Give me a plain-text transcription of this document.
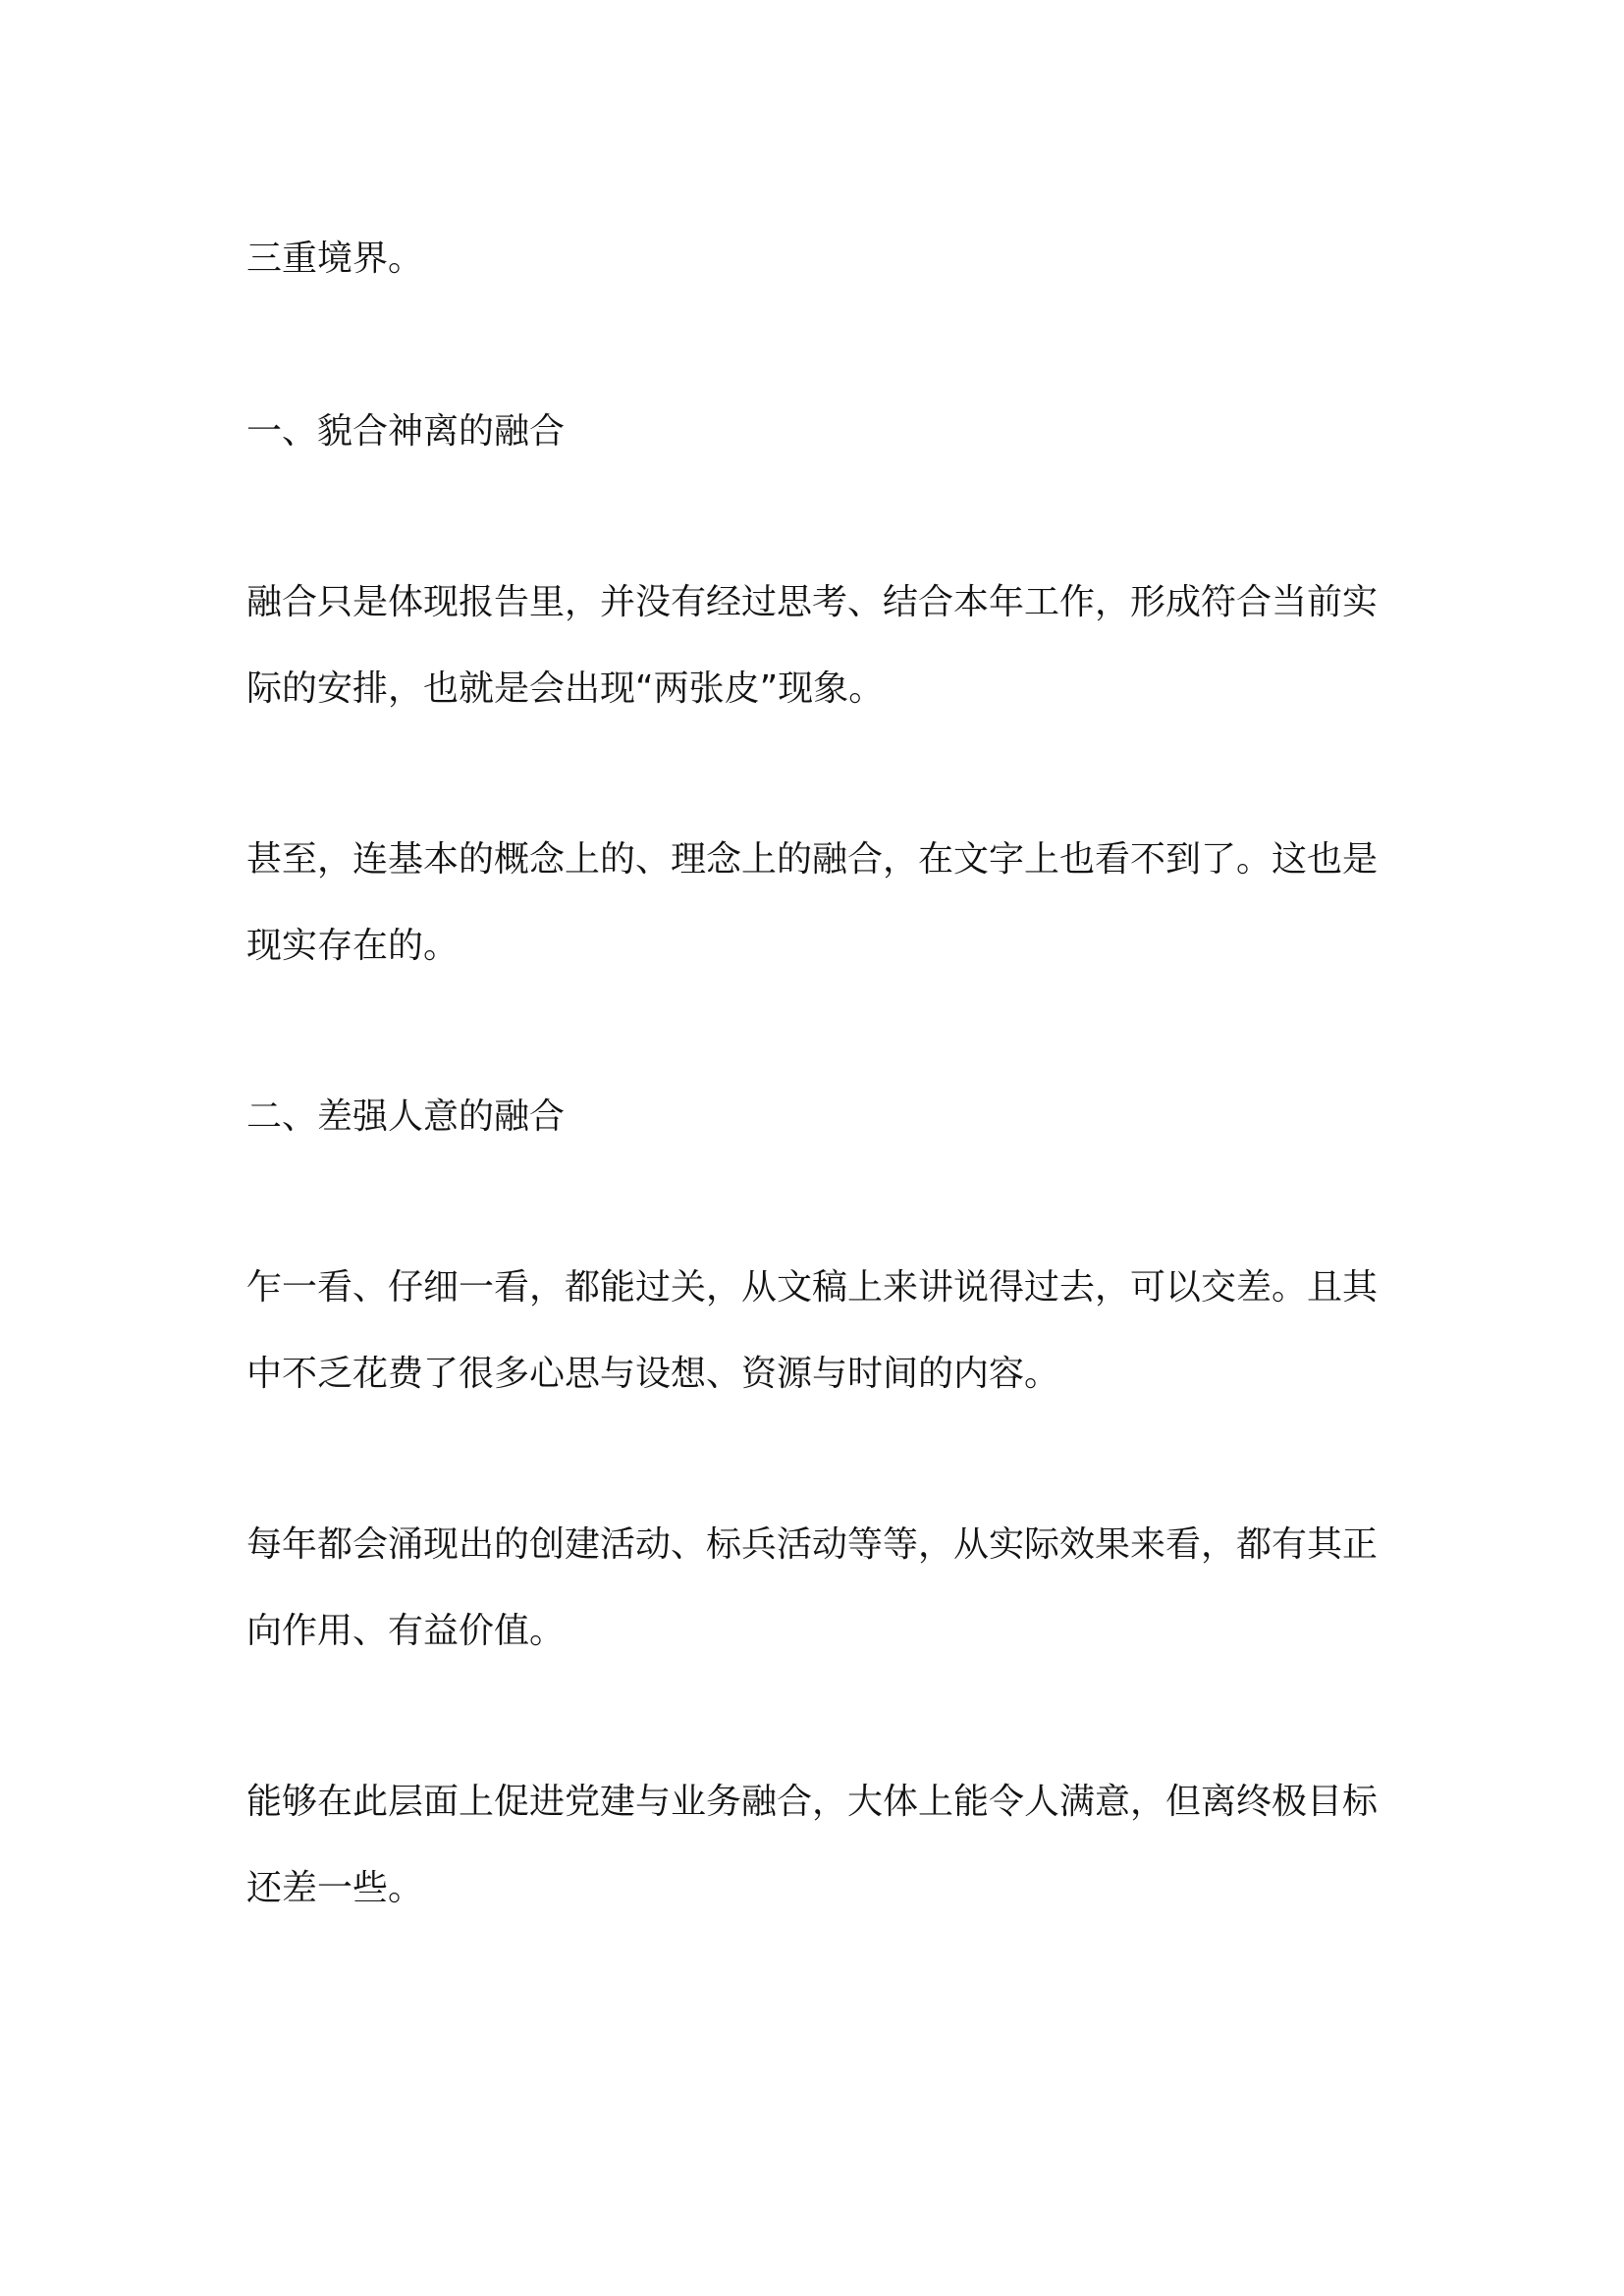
三重境界。
一、貌合神离的融合
融合只是体现报告里，并没有经过思考、结合本年工作，形成符合当前实
际的安排，也就是会出现“两张皮”现象。
甚至，连基本的概念上的、理念上的融合，在文字上也看不到了。这也是
现实存在的。
二、差强人意的融合
乍一看、仔细一看，都能过关，从文稿上来讲说得过去，可以交差。且其
中不乏花费了很多心思与设想、资源与时间的内容。
每年都会涌现出的创建活动、标兵活动等等，从实际效果来看，都有其正
向作用、有益价值。
能够在此层面上促进党建与业务融合，大体上能令人满意，但离终极目标
还差一些。
